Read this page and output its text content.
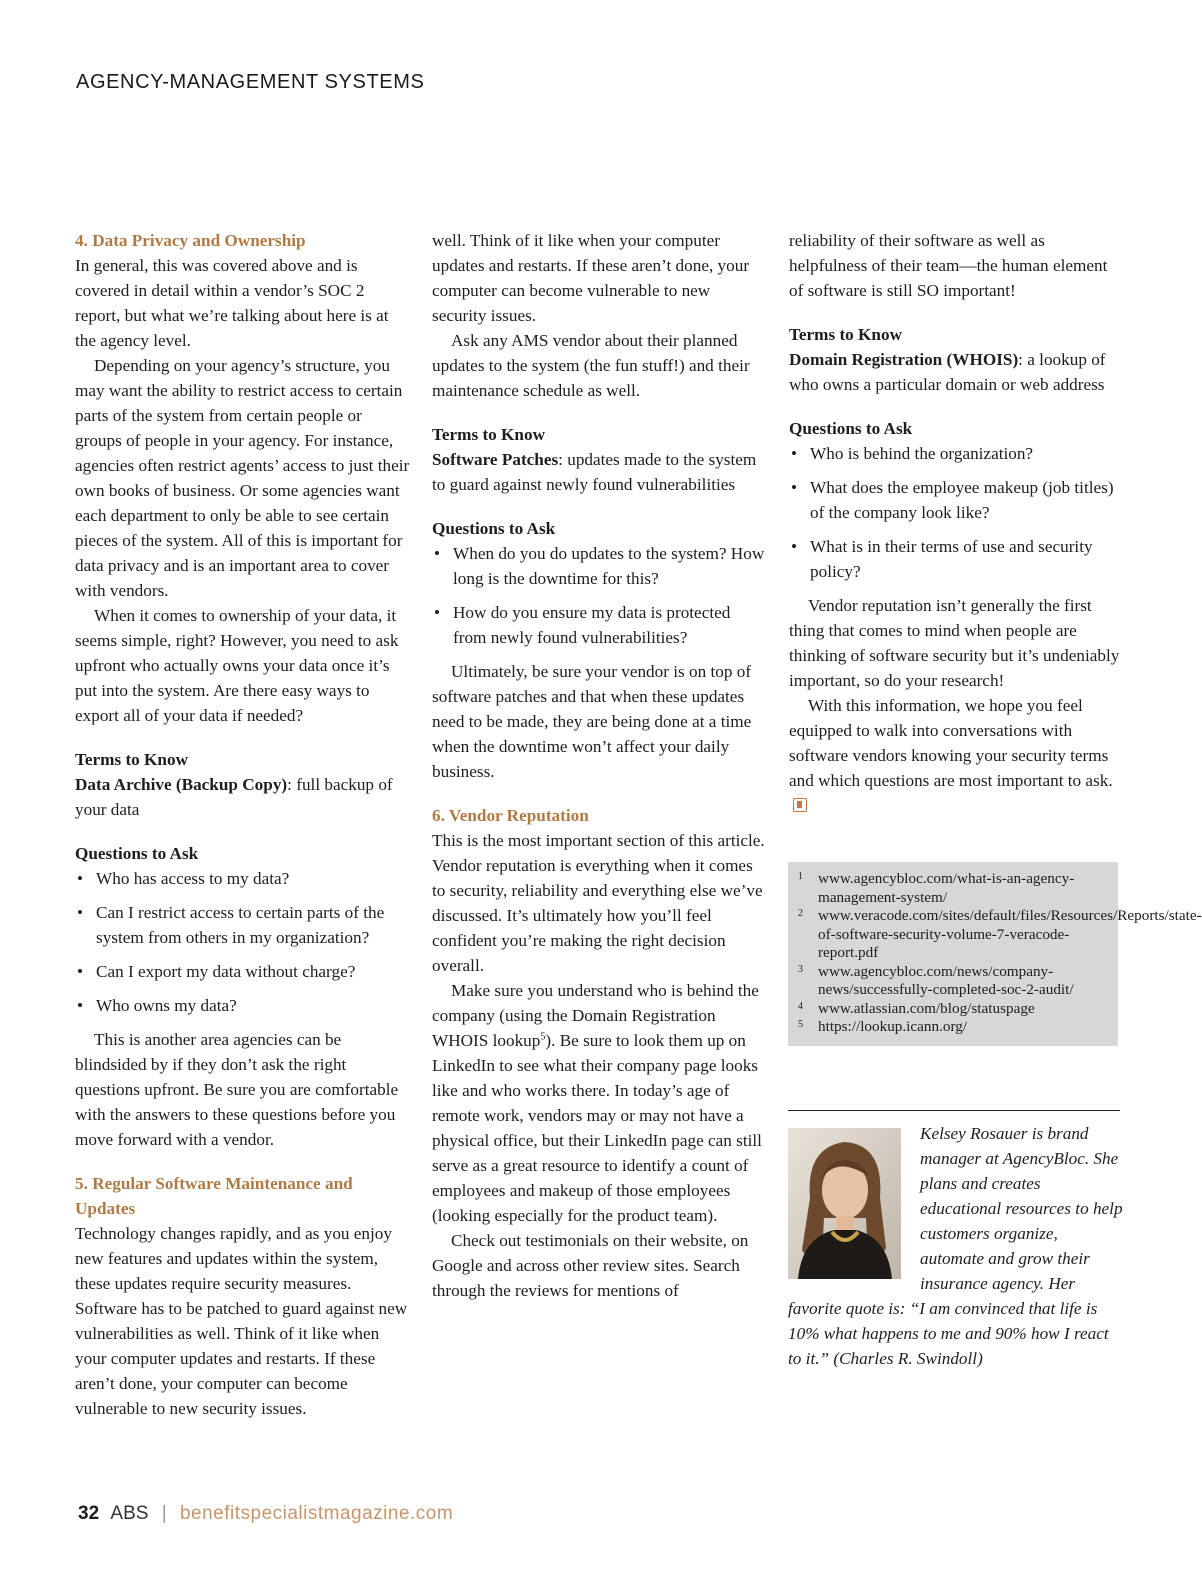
AGENCY-MANAGEMENT SYSTEMS
4. Data Privacy and Ownership

In general, this was covered above and is covered in detail within a vendor’s SOC 2 report, but what we’re talking about here is at the agency level.

Depending on your agency’s structure, you may want the ability to restrict access to certain parts of the system from certain people or groups of people in your agency. For instance, agencies often restrict agents’ access to just their own books of business. Or some agencies want each department to only be able to see certain pieces of the system. All of this is important for data privacy and is an important area to cover with vendors.

When it comes to ownership of your data, it seems simple, right? However, you need to ask upfront who actually owns your data once it’s put into the system. Are there easy ways to export all of your data if needed?

Terms to Know
Data Archive (Backup Copy): full backup of your data
Questions to Ask
• Who has access to my data?
• Can I restrict access to certain parts of the system from others in my organization?
• Can I export my data without charge?
• Who owns my data?

This is another area agencies can be blindsided by if they don’t ask the right questions upfront. Be sure you are comfortable with the answers to these questions before you move forward with a vendor.

5. Regular Software Maintenance and Updates

Technology changes rapidly, and as you enjoy new features and updates within the system, these updates require security measures. Software has to be patched to guard against new vulnerabilities as well. Think of it like when your computer updates and restarts. If these aren’t done, your computer can become vulnerable to new security issues.

well. Think of it like when your computer updates and restarts. If these aren’t done, your computer can become vulnerable to new security issues.

Ask any AMS vendor about their planned updates to the system (the fun stuff!) and their maintenance schedule as well.

Terms to Know
Software Patches: updates made to the system to guard against newly found vulnerabilities
Questions to Ask
• When do you do updates to the system? How long is the downtime for this?
• How do you ensure my data is protected from newly found vulnerabilities?

Ultimately, be sure your vendor is on top of software patches and that when these updates need to be made, they are being done at a time when the downtime won’t affect your daily business.

6. Vendor Reputation

This is the most important section of this article. Vendor reputation is everything when it comes to security, reliability and everything else we’ve discussed. It’s ultimately how you’ll feel confident you’re making the right decision overall.

Make sure you understand who is behind the company (using the Domain Registration WHOIS lookup$^5$). Be sure to look them up on LinkedIn to see what their company page looks like and who works there. In today’s age of remote work, vendors may or may not have a physical office, but their LinkedIn page can still serve as a great resource to identify a count of employees and makeup of those employees (looking especially for the product team).

Check out testimonials on their website, on Google and across other review sites. Search through the reviews for mentions of

reliability of their software as well as helpfulness of their team—the human element of software is still SO important!

Terms to Know
Domain Registration (WHOIS): a lookup of who owns a particular domain or web address
Questions to Ask
• Who is behind the organization?
• What does the employee makeup (job titles) of the company look like?
• What is in their terms of use and security policy?

Vendor reputation isn’t generally the first thing that comes to mind when people are thinking of software security but it’s undeniably important, so do your research!

With this information, we hope you feel equipped to walk into conversations with software vendors knowing your security terms and which questions are most important to ask.

1 www.agencybloc.com/what-is-an-agency-management-system/
2 www.veracode.com/sites/default/files/Resources/Reports/state-of-software-security-volume-7-veracode-report.pdf
3 www.agencybloc.com/news/company-news/successfully-completed-soc-2-audit/
4 www.atlassian.com/blog/statuspage
5 https://lookup.icann.org/
Kelsey Rosauer is brand manager at AgencyBloc. She plans and creates educational resources to help customers organize, automate and grow their insurance agency. Her favorite quote is: “I am convinced that life is 10% what happens to me and 90% how I react to it.” (Charles R. Swindoll)
32 ABS | benefitspecialistmagazine.com
